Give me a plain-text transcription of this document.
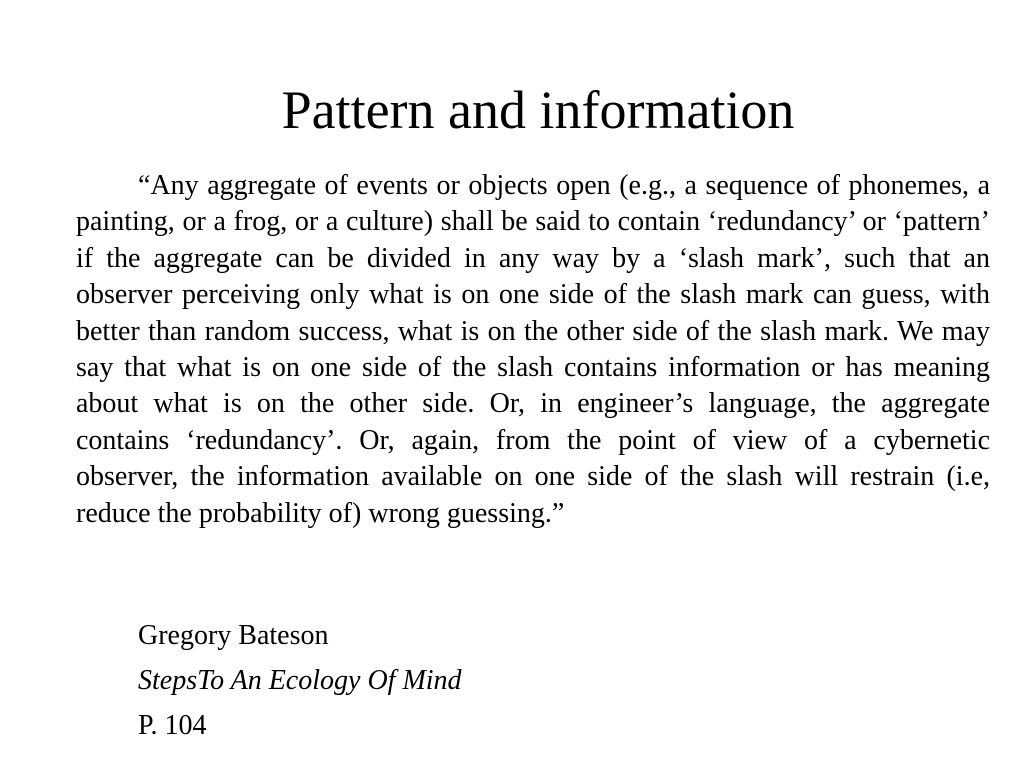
Pattern and information

“Any aggregate of events or objects open (e.g., a sequence of phonemes, a painting, or a frog, or a culture) shall be said to contain ‘redundancy’ or ‘pattern’ if the aggregate can be divided in any way by a ‘slash mark’, such that an observer perceiving only what is on one side of the slash mark can guess, with better than random success, what is on the other side of the slash mark. We may say that what is on one side of the slash contains information or has meaning about what is on the other side. Or, in engineer’s language, the aggregate contains ‘redundancy’. Or, again, from the point of view of a cybernetic observer, the information available on one side of the slash will restrain (i.e, reduce the probability of) wrong guessing.”

Gregory Bateson

StepsTo An Ecology Of Mind

P. 104
